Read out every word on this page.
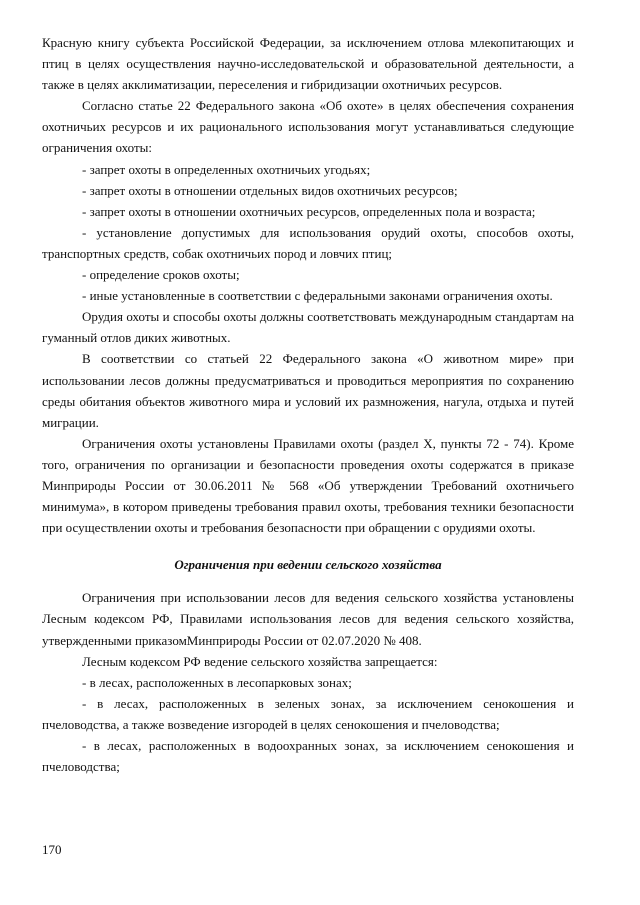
Красную книгу субъекта Российской Федерации, за исключением отлова млекопитающих и птиц в целях осуществления научно-исследовательской и образовательной деятельности, а также в целях акклиматизации, переселения и гибридизации охотничьих ресурсов.

Согласно статье 22 Федерального закона «Об охоте» в целях обеспечения сохранения охотничьих ресурсов и их рационального использования могут устанавливаться следующие ограничения охоты:

- запрет охоты в определенных охотничьих угодьях;

- запрет охоты в отношении отдельных видов охотничьих ресурсов;

- запрет охоты в отношении охотничьих ресурсов, определенных пола и возраста;

- установление допустимых для использования орудий охоты, способов охоты, транспортных средств, собак охотничьих пород и ловчих птиц;

- определение сроков охоты;

- иные установленные в соответствии с федеральными законами ограничения охоты.

Орудия охоты и способы охоты должны соответствовать международным стандартам на гуманный отлов диких животных.

В соответствии со статьей 22 Федерального закона «О животном мире» при использовании лесов должны предусматриваться и проводиться мероприятия по сохранению среды обитания объектов животного мира и условий их размножения, нагула, отдыха и путей миграции.

Ограничения охоты установлены Правилами охоты (раздел X, пункты 72 - 74). Кроме того, ограничения по организации и безопасности проведения охоты содержатся в приказе Минприроды России от 30.06.2011 № 568 «Об утверждении Требований охотничьего минимума», в котором приведены требования правил охоты, требования техники безопасности при осуществлении охоты и требования безопасности при обращении с орудиями охоты.

Ограничения при ведении сельского хозяйства

Ограничения при использовании лесов для ведения сельского хозяйства установлены Лесным кодексом РФ, Правилами использования лесов для ведения сельского хозяйства, утвержденными приказомМинприроды России от 02.07.2020 № 408.

Лесным кодексом РФ ведение сельского хозяйства запрещается:

- в лесах, расположенных в лесопарковых зонах;

- в лесах, расположенных в зеленых зонах, за исключением сенокошения и пчеловодства, а также возведение изгородей в целях сенокошения и пчеловодства;

- в лесах, расположенных в водоохранных зонах, за исключением сенокошения и пчеловодства;

170
